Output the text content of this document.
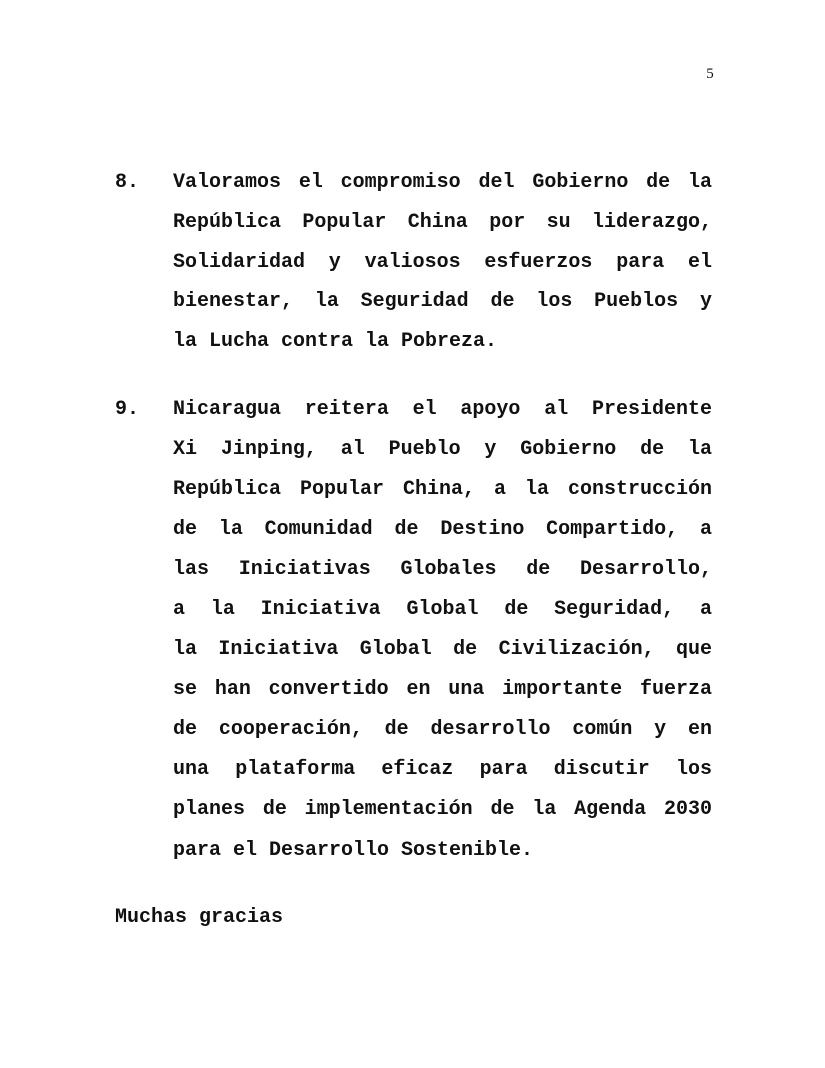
5
8. Valoramos el compromiso del Gobierno de la
República Popular China por su liderazgo,
Solidaridad y valiosos esfuerzos para el
bienestar, la Seguridad de los Pueblos y
la Lucha contra la Pobreza.
9. Nicaragua reitera el apoyo al Presidente
Xi Jinping, al Pueblo y Gobierno de la
República Popular China, a la construcción
de la Comunidad de Destino Compartido, a
las Iniciativas Globales de Desarrollo,
a la Iniciativa Global de Seguridad, a
la Iniciativa Global de Civilización, que
se han convertido en una importante fuerza
de cooperación, de desarrollo común y en
una plataforma eficaz para discutir los
planes de implementación de la Agenda 2030
para el Desarrollo Sostenible.
Muchas gracias
